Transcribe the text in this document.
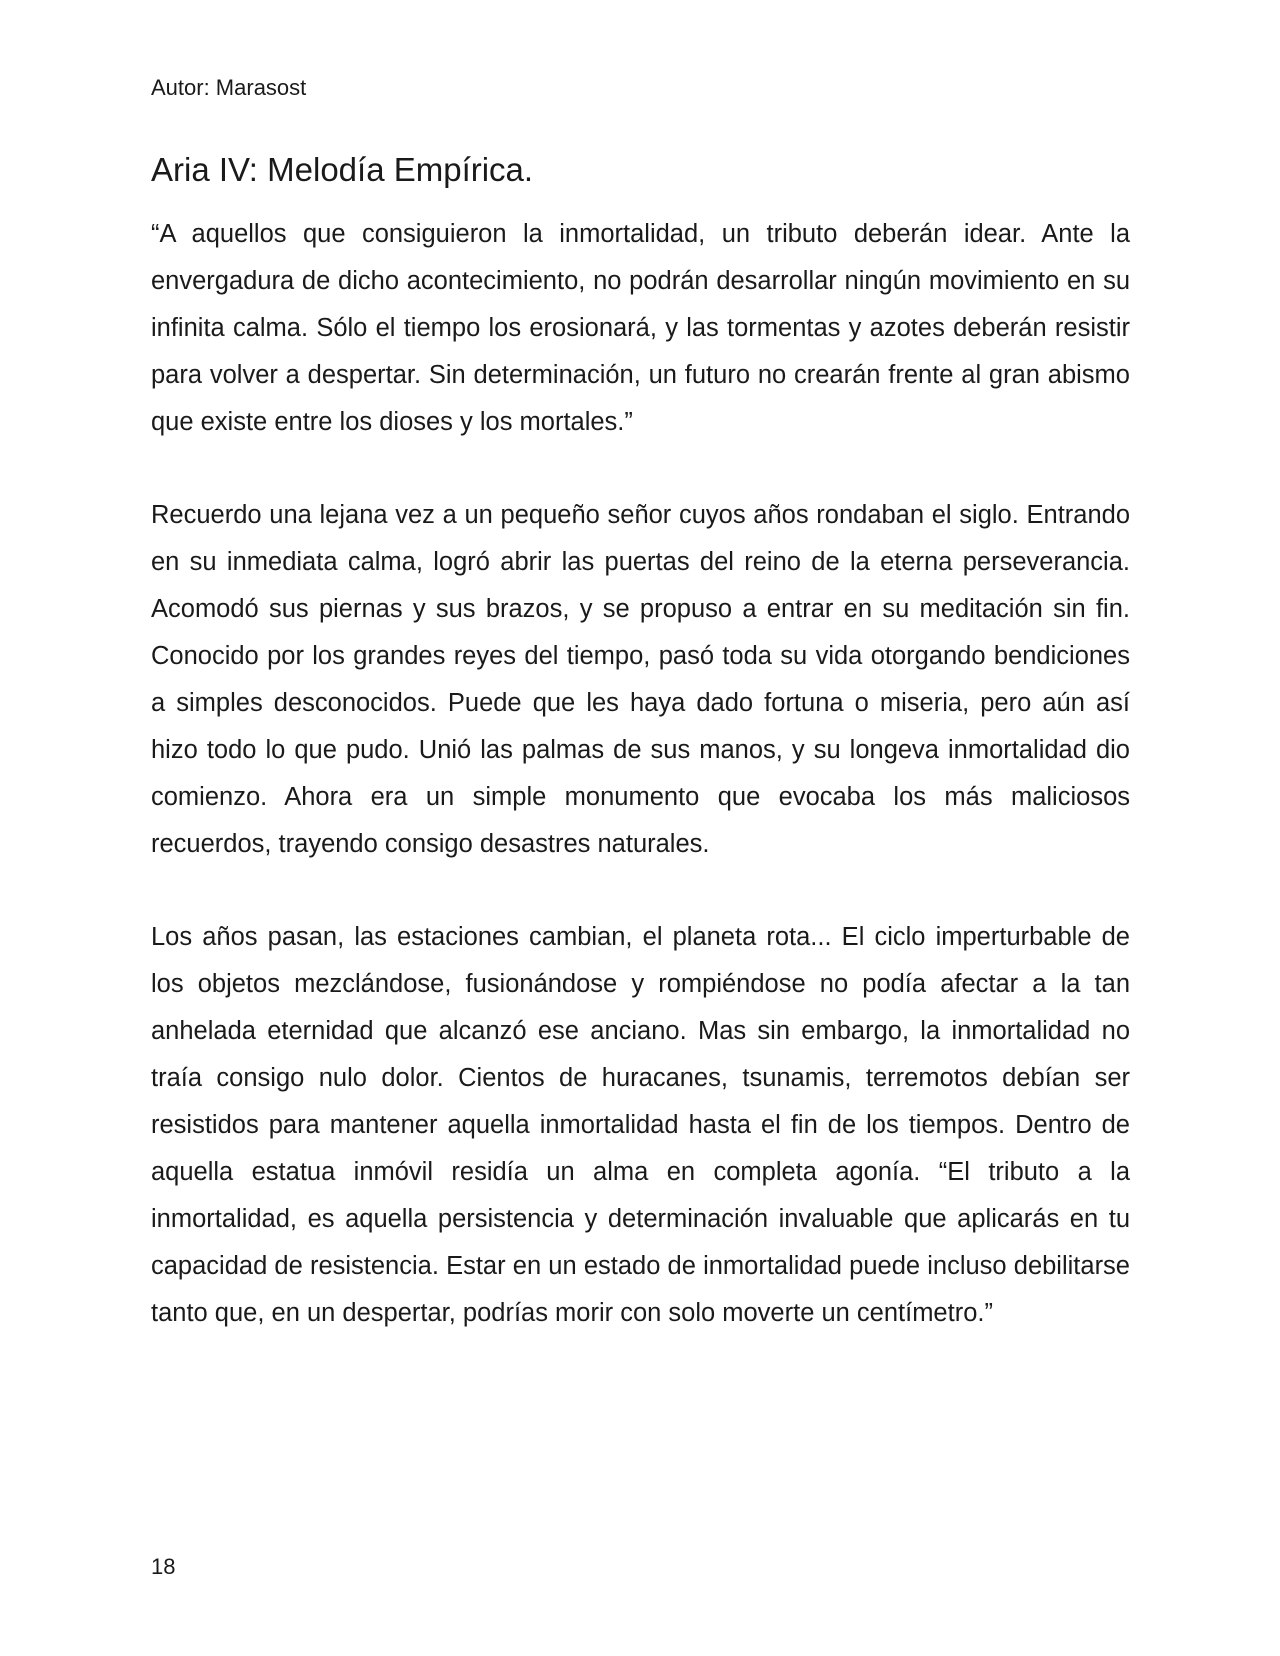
Autor: Marasost
Aria IV: Melodía Empírica.

“A aquellos que consiguieron la inmortalidad, un tributo deberán idear. Ante la envergadura de dicho acontecimiento, no podrán desarrollar ningún movimiento en su infinita calma. Sólo el tiempo los erosionará, y las tormentas y azotes deberán resistir para volver a despertar. Sin determinación, un futuro no crearán frente al gran abismo que existe entre los dioses y los mortales.”

Recuerdo una lejana vez a un pequeño señor cuyos años rondaban el siglo. Entrando en su inmediata calma, logró abrir las puertas del reino de la eterna perseverancia. Acomodó sus piernas y sus brazos, y se propuso a entrar en su meditación sin fin. Conocido por los grandes reyes del tiempo, pasó toda su vida otorgando bendiciones a simples desconocidos. Puede que les haya dado fortuna o miseria, pero aún así hizo todo lo que pudo. Unió las palmas de sus manos, y su longeva inmortalidad dio comienzo. Ahora era un simple monumento que evocaba los más maliciosos recuerdos, trayendo consigo desastres naturales.

Los años pasan, las estaciones cambian, el planeta rota... El ciclo imperturbable de los objetos mezclándose, fusionándose y rompiéndose no podía afectar a la tan anhelada eternidad que alcanzó ese anciano. Mas sin embargo, la inmortalidad no traía consigo nulo dolor. Cientos de huracanes, tsunamis, terremotos debían ser resistidos para mantener aquella inmortalidad hasta el fin de los tiempos. Dentro de aquella estatua inmóvil residía un alma en completa agonía. “El tributo a la inmortalidad, es aquella persistencia y determinación invaluable que aplicarás en tu capacidad de resistencia. Estar en un estado de inmortalidad puede incluso debilitarse tanto que, en un despertar, podrías morir con solo moverte un centímetro.”

18
